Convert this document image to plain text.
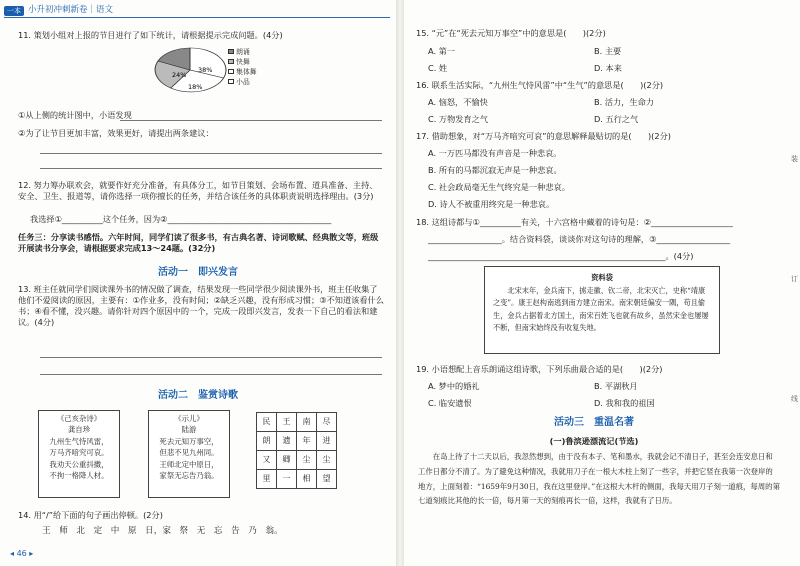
一本 小升初冲刺新卷｜语文
11. 策划小组对上报的节目进行了如下统计，请根据提示完成问题。(4分)
24%
38%
18%
朗诵
快舞
集体舞
小品
①从上侧的统计图中，小语发现
②为了让节目更加丰富，效果更好，请提出两条建议：
12. 努力筹办联欢会，就要作好充分准备，有具体分工，如节目策划、会场布置、道具准备、主持、安全、卫生、报道等，请你选择一项你擅长的任务，并结合该任务的具体职责说明选择理由。(3分)
我选择①__________这个任务，因为②________________________________________
任务三：分享读书感悟。六年时间，同学们读了很多书，有古典名著、诗词歌赋、经典散文等，班级开展读书分享会，请根据要求完成13～24题。(32分)
活动一　即兴发言
13. 班主任就同学们阅读课外书的情况做了调查，结果发现一些同学很少阅读课外书，班主任收集了他们不爱阅读的原因，主要有：①作业多，没有时间；②缺乏兴趣，没有形成习惯；③不知道该看什么书；④看不懂，没兴趣。请你针对四个原因中的一个，完成一段即兴发言，发表一下自己的看法和建议。(4分)
活动二　鉴赏诗歌
《己亥杂诗》
龚自珍
九州生气恃风雷，
万马齐喑究可哀。
我劝天公重抖擞，
不拘一格降人材。
《示儿》
陆游
死去元知万事空，
但悲不见九州同。
王师北定中原日，
家祭无忘告乃翁。
民	王	南	尽
朗	遗	年	进
又	卿	尘	尘
里	一	相	望
14. 用“/”给下面的句子画出停顿。(2分)
王　师　北　定　中　原　日，家　祭　无　忘　告　乃　翁。
◂ 46 ▸
15. “元”在“死去元知万事空”中的意思是(　　)(2分)
A. 第一	B. 主要
C. 姓	D. 本来
16. 联系生活实际，“九州生气恃风雷”中“生气”的意思是(　　)(2分)
A. 恼怒，不愉快	B. 活力，生命力
C. 万物发育之气	D. 五行之气
17. 借助想象，对“万马齐喑究可哀”的意思解释最贴切的是(　　)(2分)
A. 一万匹马都没有声音是一种悲哀。
B. 所有的马都沉寂无声是一种悲哀。
C. 社会政局毫无生气终究是一种悲哀。
D. 诗人不被重用终究是一种悲哀。
18. 这组诗都与①__________有关，十六宫格中藏着的诗句是：②____________________
__________________。结合资料袋，谈谈你对这句诗的理解，③__________________
__________________________________________________________。(4分)
资料袋
北宋末年，金兵南下，掳走徽、钦二帝，北宋灭亡，史称“靖康之变”。康王赵构南逃到南方建立南宋。南宋朝廷偏安一隅，苟且偷生，金兵占据着北方国土，南宋百姓飞也就有故乡，虽然宋金也屡屡不断，但南宋始终没有收复失地。
19. 小语想配上音乐朗诵这组诗歌，下列乐曲最合适的是(　　)(2分)
A. 梦中的婚礼	B. 平湖秋月
C. 临安遗恨	D. 我和我的祖国
活动三　重温名著
(一)鲁滨逊漂流记(节选)
在岛上待了十二天以后，我忽然想到，由于没有本子、笔和墨水，我就会记不清日子，甚至会连安息日和工作日都分不清了。为了避免这种情况，我就用刀子在一根大木柱上刻了一些字，并把它竖在我第一次登岸的地方，上面刻着：“1659年9月30日，我在这里登岸。”在这根大木杆的侧面，我每天用刀子刻一道痕，每周的第七道刻痕比其他的长一倍，每月第一天的刻痕再长一倍，这样，我就有了日历。
装
订
线
